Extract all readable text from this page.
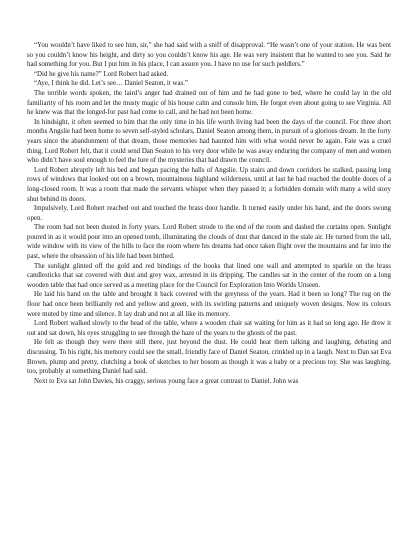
“You wouldn’t have liked to see him, sir,” she had said with a sniff of disapproval. “He wasn’t one of your station. He was bent so you couldn’t know his height, and dirty so you couldn’t know his age. He was very insistent that he wanted to see you. Said he had something for you. But I put him in his place, I can assure you. I have no use for such peddlers.”

“Did he give his name?” Lord Robert had asked.

“Aye, I think he did. Let’s see… Daniel Seaton, it was.”

The terrible words spoken, the laird’s anger had drained out of him and he had gone to bed, where he could lay in the old familiarity of his room and let the musty magic of his house calm and console him. He forgot even about going to see Virginia. All he knew was that the longed-for past had come to call, and he had not been home.

In hindsight, it often seemed to him that the only time in his life worth living had been the days of the council. For three short months Angslie had been home to seven self-styled scholars, Daniel Seaton among them, in pursuit of a glorious dream. In the forty years since the abandonment of that dream, those memories had haunted him with what would never be again. Fate was a cruel thing, Lord Robert felt, that it could send Dan Seaton to his very door while he was away enduring the company of men and women who didn’t have soul enough to feel the lure of the mysteries that had drawn the council.

Lord Robert abruptly left his bed and began pacing the halls of Angslie. Up stairs and down corridors he stalked, passing long rows of windows that looked out on a brown, mountainous highland wilderness, until at last he had reached the double doors of a long-closed room. It was a room that made the servants whisper when they passed it; a forbidden domain with many a wild story shut behind its doors.

Impulsively, Lord Robert reached out and touched the brass door handle. It turned easily under his hand, and the doors swung open.

The room had not been dusted in forty years. Lord Robert strode to the end of the room and dashed the curtains open. Sunlight poured in as it would pour into an opened tomb, illuminating the clouds of dust that danced in the stale air. He turned from the tall, wide window with its view of the hills to face the room where his dreams had once taken flight over the mountains and far into the past, where the obsession of his life had been birthed.

The sunlight glinted off the gold and red bindings of the books that lined one wall and attempted to sparkle on the brass candlesticks that sat covered with dust and grey wax, arrested in its dripping. The candles sat in the center of the room on a long wooden table that had once served as a meeting place for the Council for Exploration Into Worlds Unseen.

He laid his hand on the table and brought it back covered with the greyness of the years. Had it been so long? The rug on the floor had once been brilliantly red and yellow and green, with its swirling patterns and uniquely woven designs. Now its colours were muted by time and silence. It lay drab and not at all like its memory.

Lord Robert walked slowly to the head of the table, where a wooden chair sat waiting for him as it had so long ago. He drew it out and sat down, his eyes struggling to see through the haze of the years to the ghosts of the past.

He felt as though they were there still there, just beyond the dust. He could hear them talking and laughing, debating and discussing. To his right, his memory could see the small, friendly face of Daniel Seaton, crinkled up in a laugh. Next to Dan sat Eva Brown, plump and pretty, clutching a book of sketches to her bosom as though it was a baby or a precious toy. She was laughing, too, probably at something Daniel had said.

Next to Eva sat John Davies, his craggy, serious young face a great contrast to Daniel. John was
